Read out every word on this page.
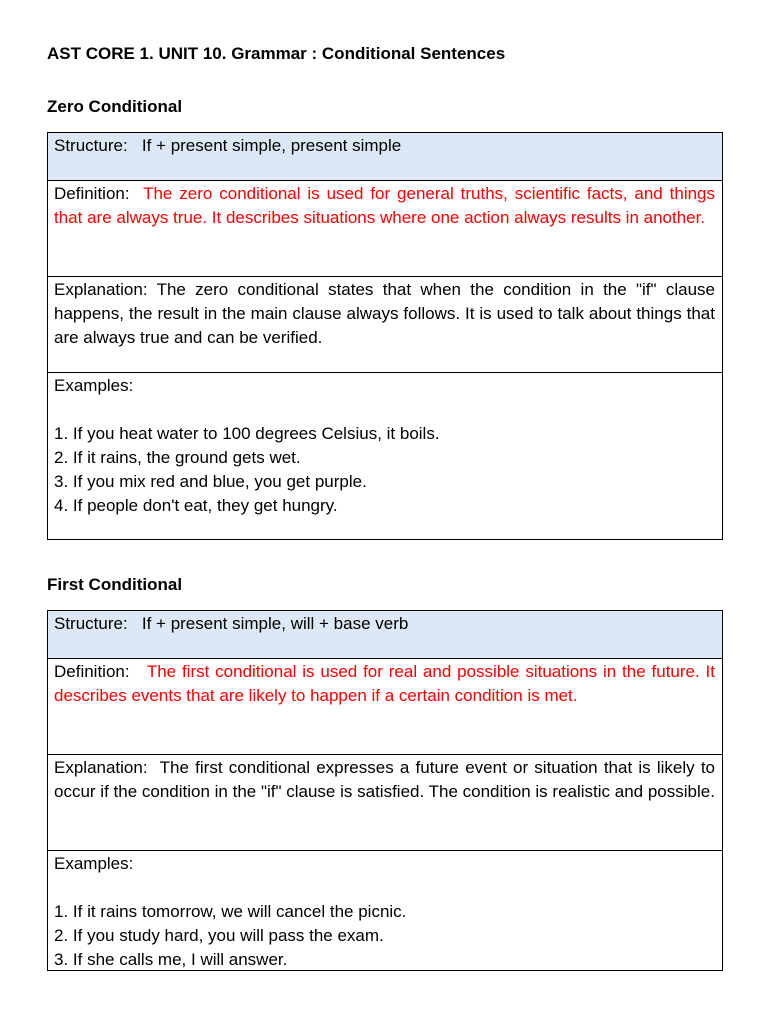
AST CORE 1. UNIT 10. Grammar : Conditional Sentences
Zero Conditional
Structure: If + present simple, present simple
Definition: The zero conditional is used for general truths, scientific facts, and things that are always true. It describes situations where one action always results in another.
Explanation: The zero conditional states that when the condition in the "if" clause happens, the result in the main clause always follows. It is used to talk about things that are always true and can be verified.
Examples:
1. If you heat water to 100 degrees Celsius, it boils.
2. If it rains, the ground gets wet.
3. If you mix red and blue, you get purple.
4. If people don't eat, they get hungry.
First Conditional
Structure: If + present simple, will + base verb
Definition: The first conditional is used for real and possible situations in the future. It describes events that are likely to happen if a certain condition is met.
Explanation: The first conditional expresses a future event or situation that is likely to occur if the condition in the "if" clause is satisfied. The condition is realistic and possible.
Examples:
1. If it rains tomorrow, we will cancel the picnic.
2. If you study hard, you will pass the exam.
3. If she calls me, I will answer.
